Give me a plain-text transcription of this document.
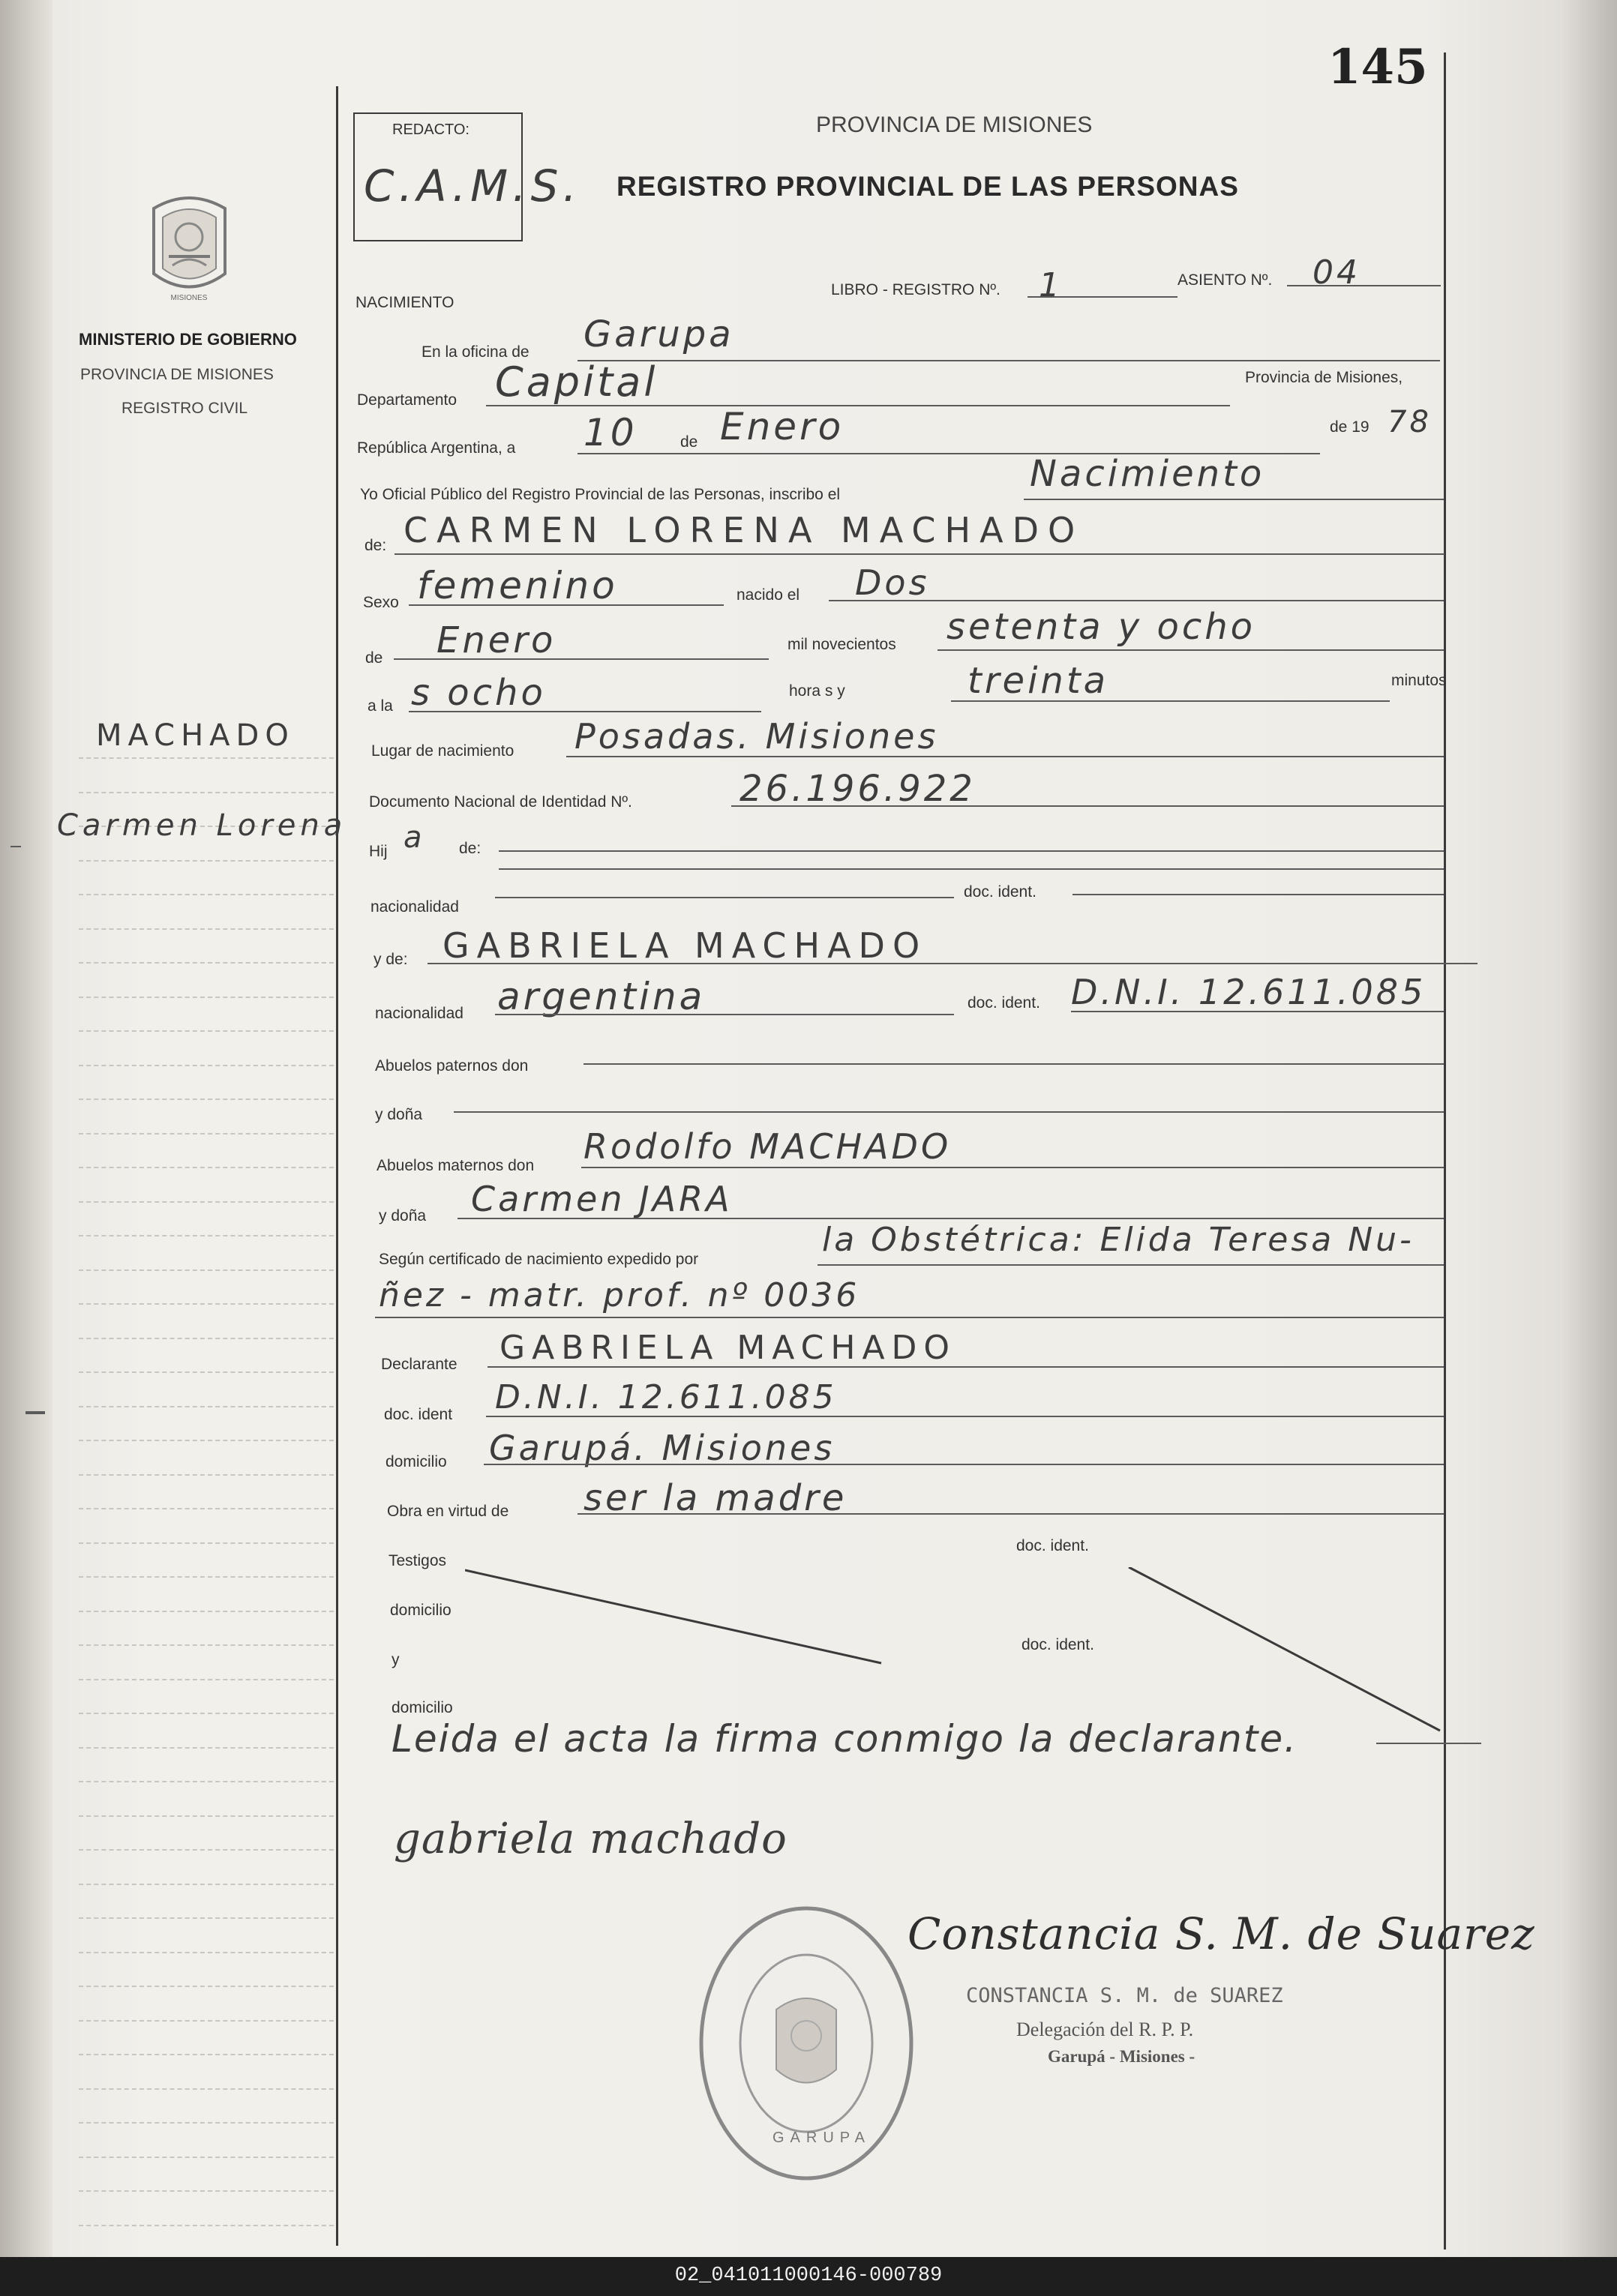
145
REDACTO:
C.A.M.S.
PROVINCIA DE MISIONES
REGISTRO PROVINCIAL DE LAS PERSONAS
MISIONES
MINISTERIO DE GOBIERNO
PROVINCIA DE MISIONES
REGISTRO CIVIL
MACHADO
Carmen Lorena
NACIMIENTO
LIBRO - REGISTRO Nº. 1	ASIENTO Nº. 04
En la oficina de Garupa
Departamento Capital	Provincia de Misiones,
República Argentina, a 10	de Enero	de 19 78
Yo Oficial Público del Registro Provincial de las Personas, inscribo el	Nacimiento
de: CARMEN LORENA MACHADO
Sexo femenino	nacido el Dos
de Enero	mil novecientos setenta y ocho
a la s ocho	hora s y	treinta	minutos
Lugar de nacimiento Posadas. Misiones
Documento Nacional de Identidad Nº.	26.196.922
Hij a de:
nacionalidad
doc. ident.
y de: GABRIELA MACHADO
nacionalidad argentina	doc. ident. D.N.I. 12.611.085
Abuelos paternos don
y doña
Abuelos maternos don Rodolfo MACHADO
y doña Carmen JARA
Según certificado de nacimiento expedido por
la Obstétrica: Elida Teresa Nu-
ñez - matr. prof. nº 0036
Declarante GABRIELA MACHADO
doc. ident D.N.I. 12.611.085
domicilio Garupá. Misiones
Obra en virtud de ser la madre
Testigos
doc. ident.
domicilio
y
doc. ident.
domicilio
Leida el acta la firma conmigo la declarante.
gabriela machado
GARUPA
Constancia S. M. de Suarez
CONSTANCIA S. M. de SUAREZ
Delegación del R. P. P.
Garupá - Misiones -
02_041011000146-000789
